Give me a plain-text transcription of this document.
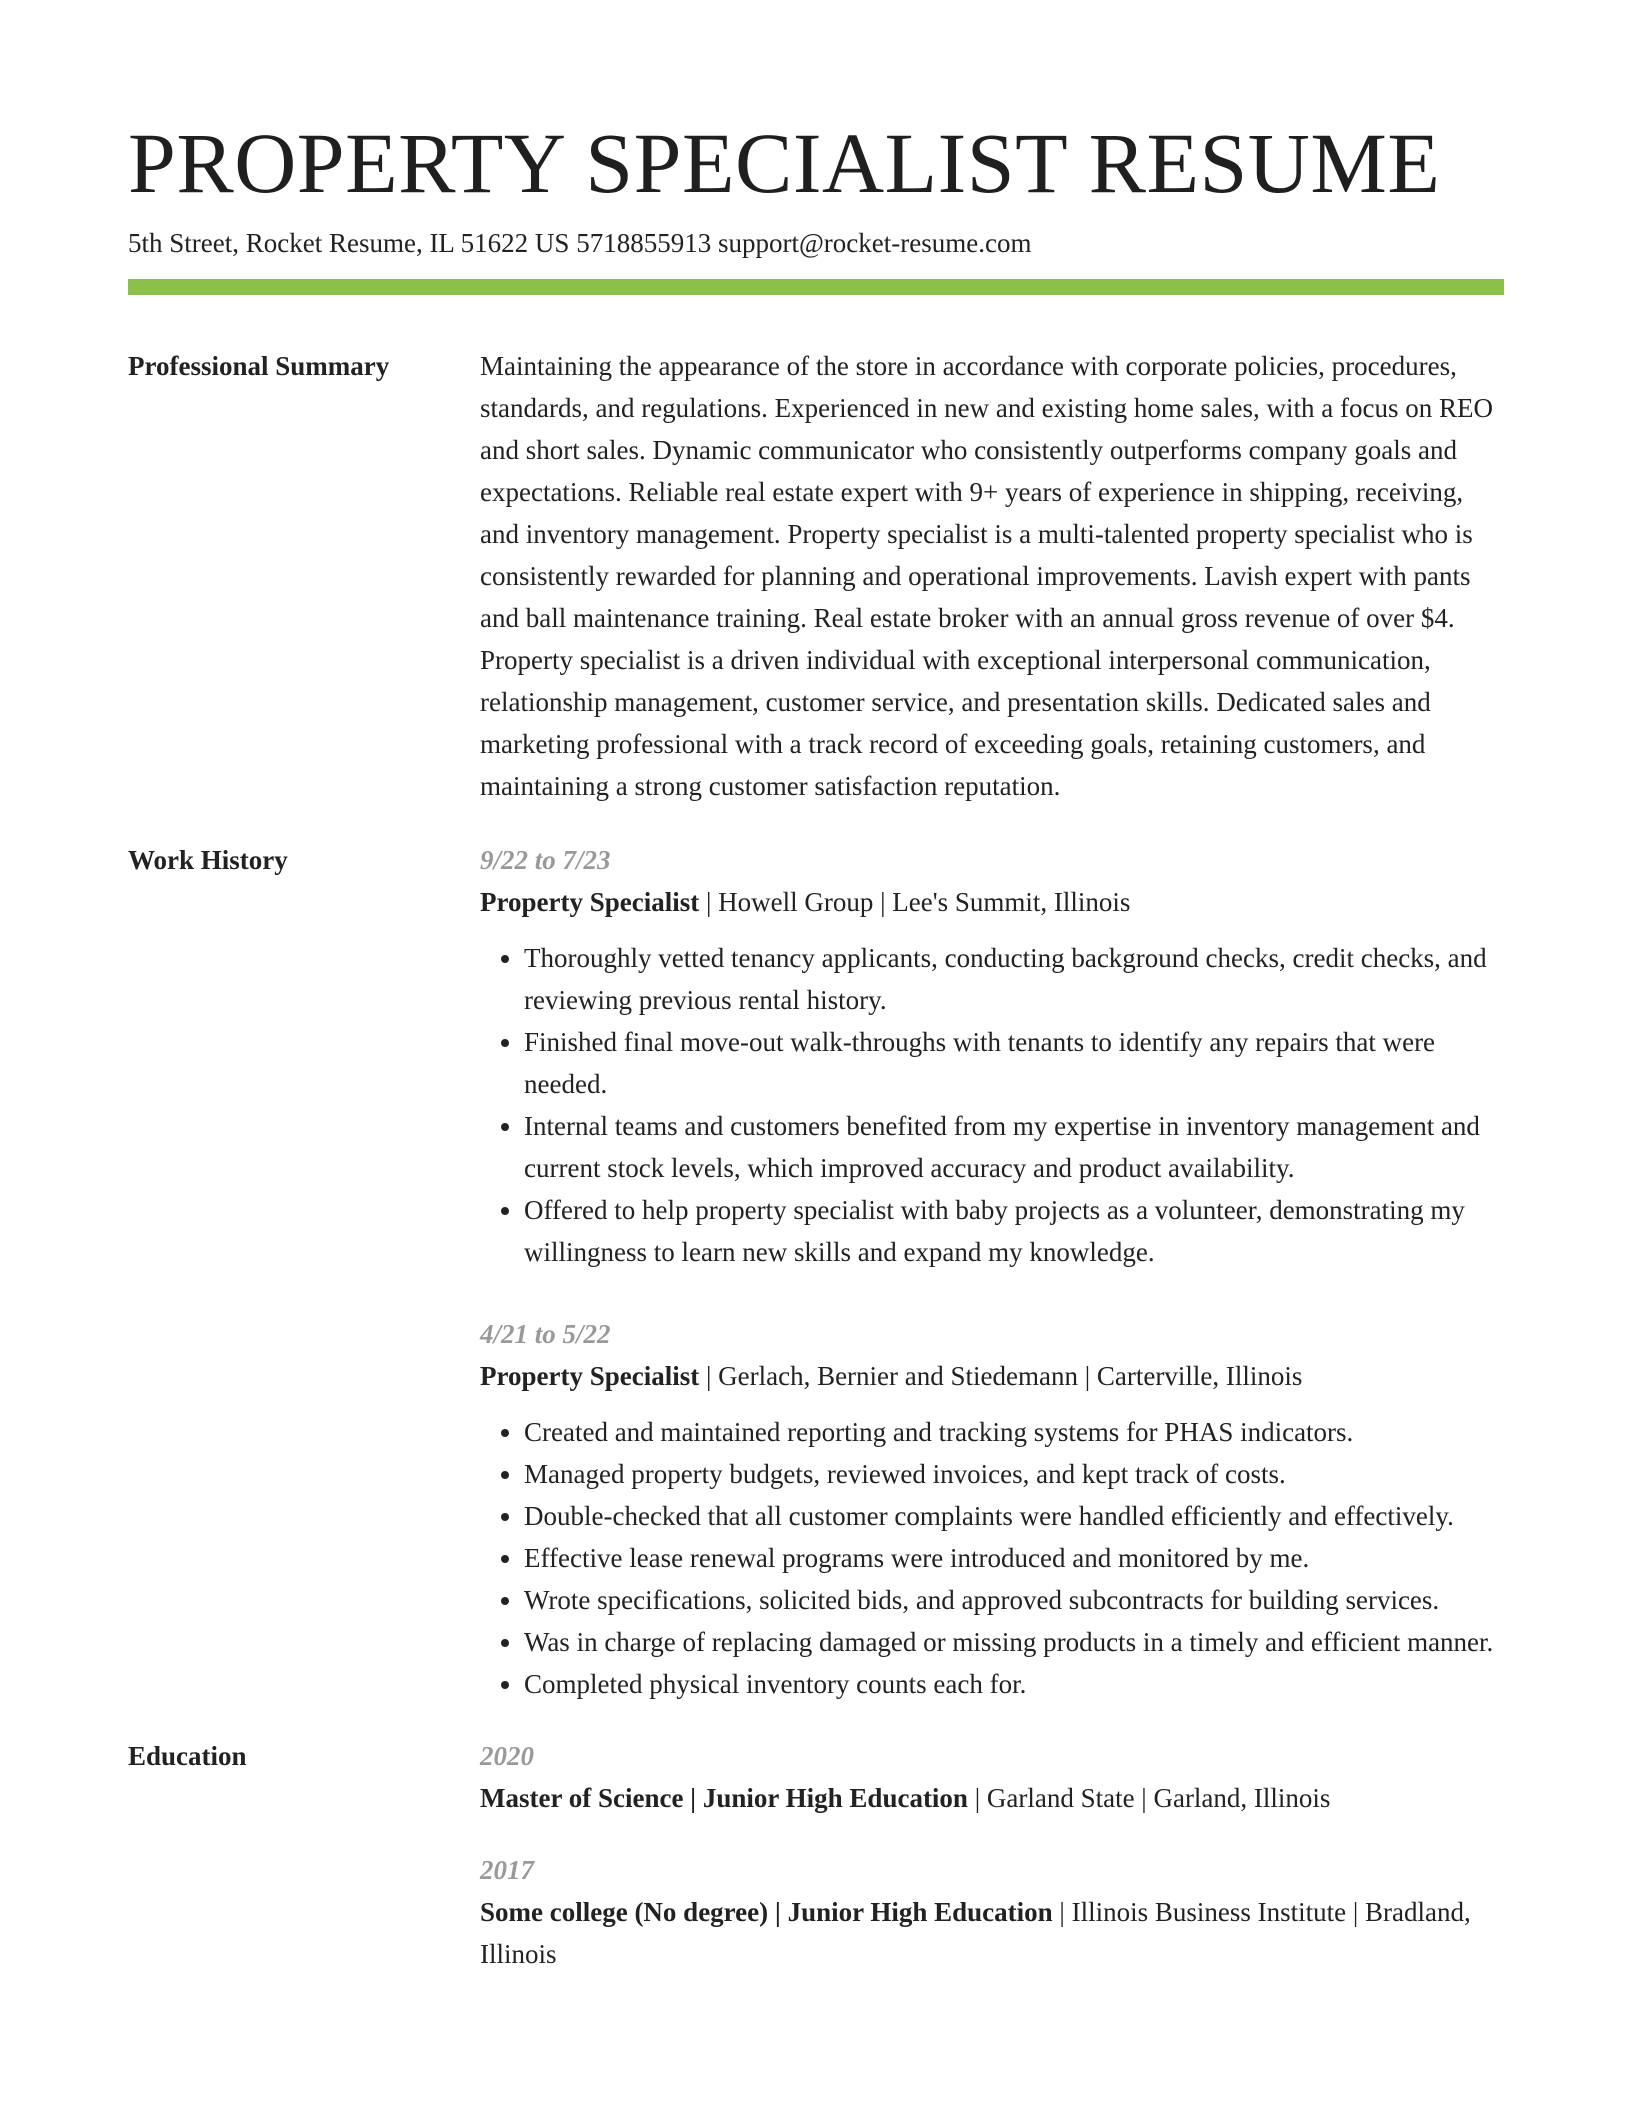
PROPERTY SPECIALIST RESUME
5th Street, Rocket Resume, IL 51622 US 5718855913 support@rocket-resume.com
Professional Summary	Maintaining the appearance of the store in accordance with corporate policies, procedures, standards, and regulations. Experienced in new and existing home sales, with a focus on REO and short sales. Dynamic communicator who consistently outperforms company goals and expectations. Reliable real estate expert with 9+ years of experience in shipping, receiving, and inventory management. Property specialist is a multi-talented property specialist who is consistently rewarded for planning and operational improvements. Lavish expert with pants and ball maintenance training. Real estate broker with an annual gross revenue of over $4. Property specialist is a driven individual with exceptional interpersonal communication, relationship management, customer service, and presentation skills. Dedicated sales and marketing professional with a track record of exceeding goals, retaining customers, and maintaining a strong customer satisfaction reputation.

Work History	9/22 to 7/23
Property Specialist | Howell Group | Lee's Summit, Illinois
• Thoroughly vetted tenancy applicants, conducting background checks, credit checks, and reviewing previous rental history.
• Finished final move-out walk-throughs with tenants to identify any repairs that were needed.
• Internal teams and customers benefited from my expertise in inventory management and current stock levels, which improved accuracy and product availability.
• Offered to help property specialist with baby projects as a volunteer, demonstrating my willingness to learn new skills and expand my knowledge.
4/21 to 5/22
Property Specialist | Gerlach, Bernier and Stiedemann | Carterville, Illinois
• Created and maintained reporting and tracking systems for PHAS indicators.
• Managed property budgets, reviewed invoices, and kept track of costs.
• Double-checked that all customer complaints were handled efficiently and effectively.
• Effective lease renewal programs were introduced and monitored by me.
• Wrote specifications, solicited bids, and approved subcontracts for building services.
• Was in charge of replacing damaged or missing products in a timely and efficient manner.
• Completed physical inventory counts each for.
Education	2020
Master of Science | Junior High Education | Garland State | Garland, Illinois
2017
Some college (No degree) | Junior High Education | Illinois Business Institute | Bradland, Illinois
